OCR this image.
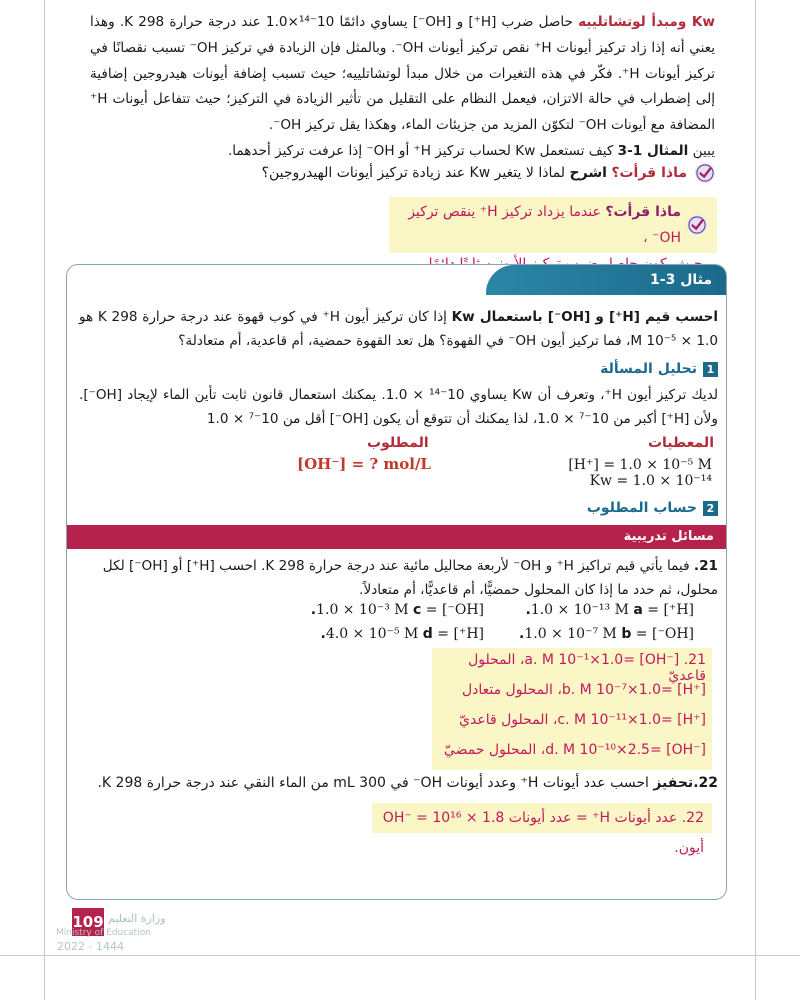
Kw ومبدأ لوتشاتلييه حاصل ضرب [H⁺] و [OH⁻] يساوي دائمًا 10⁻¹⁴×1.0 عند درجة حرارة 298 K. وهذا يعني أنه إذا زاد تركيز أيونات H⁺ نقص تركيز أيونات OH⁻. وبالمثل فإن الزيادة في تركيز OH⁻ تسبب نقصانًا في تركيز أيونات H⁺. فكّر في هذه التغيرات من خلال مبدأ لوتشاتلييه؛ حيث تسبب إضافة أيونات هيدروجين إضافية إلى إضطراب في حالة الاتزان، فيعمل النظام على التقليل من تأثير الزيادة في التركيز؛ حيث تتفاعل أيونات H⁺ المضافة مع أيونات OH⁻ لتكوّن المزيد من جزيئات الماء، وهكذا يقل تركيز OH⁻.

يبين المثال 1-3 كيف تستعمل Kw لحساب تركيز H⁺ أو OH⁻ إذا عرفت تركيز أحدهما.

ماذا قرأت؟ اشرح لماذا لا يتغير Kw عند زيادة تركيز أيونات الهيدروجين؟
ماذا قرأت؟ عندما يزداد تركيز H⁺ ينقص تركيز OH⁻ ،
مثال 3-1
احسب قيم [H⁺] و [OH⁻] باستعمال Kw إذا كان تركيز أيون H⁺ في كوب قهوة عند درجة حرارة 298 K هو M 10⁻⁵ × 1.0، فما تركيز أيون OH⁻ في القهوة؟ هل تعد القهوة حمضية، أم قاعدية، أم متعادلة؟
1
تحليل المسألة
لديك تركيز أيون H⁺، وتعرف أن Kw يساوي 10⁻¹⁴ × 1.0. يمكنك استعمال قانون ثابت تأين الماء لإيجاد [OH⁻]. ولأن [H⁺] أكبر من 10⁻⁷ × 1.0، لذا يمكنك أن تتوقع أن يكون [OH⁻] أقل من 10⁻⁷ × 1.0
المعطيات
[H⁺] = 1.0 × 10⁻⁵ M
Kw = 1.0 × 10⁻¹⁴
المطلوب
[OH⁻] = ? mol/L
2
حساب المطلوب
مسائل تدريبية
21. فيما يأتي قيم تراكيز H⁺ و OH⁻ لأربعة محاليل مائية عند درجة حرارة 298 K. احسب [H⁺] أو [OH⁻] لكل محلول، ثم حدد ما إذا كان المحلول حمضيًّا، أم قاعديًّا، أم متعادلاً.
[H⁺] = 1.0 × 10⁻¹³ M a.
[OH⁻] = 1.0 × 10⁻⁷ M b.
[OH⁻] = 1.0 × 10⁻³ M c.
[H⁺] = 4.0 × 10⁻⁵ M d.
21. a. M 10⁻¹×1.0= [OH⁻]، المحلول قاعديّ
b. M 10⁻⁷×1.0= [H⁺]، المحلول متعادل
c. M 10⁻¹¹×1.0= [H⁺]، المحلول قاعديّ
d. M 10⁻¹⁰×2.5= [OH⁻]، المحلول حمضيّ
22.تحفيز احسب عدد أيونات H⁺ وعدد أيونات OH⁻ في 300 mL من الماء النقي عند درجة حرارة 298 K.
22. عدد أيونات H⁺ = عدد أيونات OH⁻ = 10¹⁶ × 1.8 أيون.
109 وزارة التعليم
Ministry of Education
2022 - 1444
